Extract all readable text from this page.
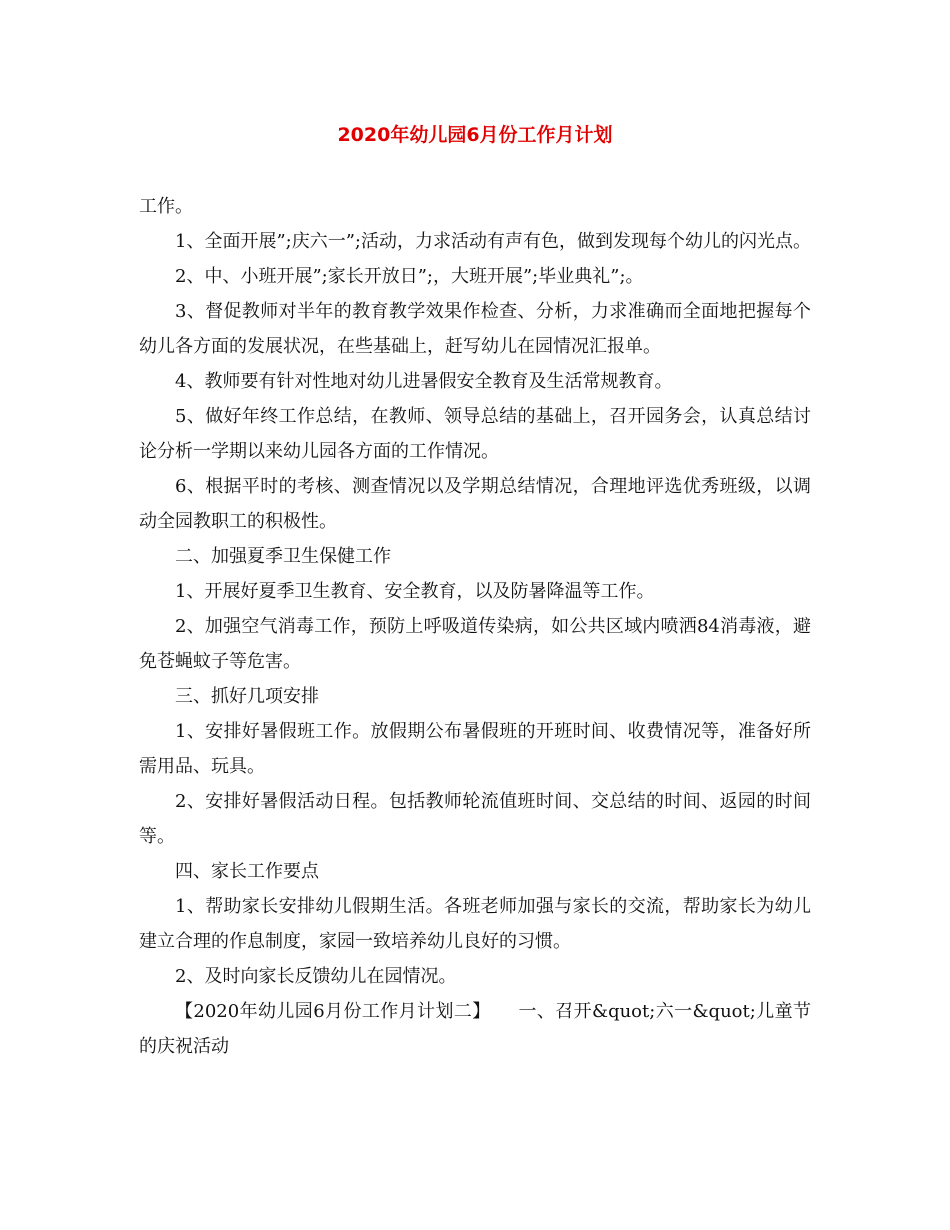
2020年幼儿园6月份工作月计划

工作。

1、全面开展”;庆六一”;活动，力求活动有声有色，做到发现每个幼儿的闪光点。

2、中、小班开展”;家长开放日”;，大班开展”;毕业典礼”;。

3、督促教师对半年的教育教学效果作检查、分析，力求准确而全面地把握每个幼儿各方面的发展状况，在些基础上，赶写幼儿在园情况汇报单。

4、教师要有针对性地对幼儿进暑假安全教育及生活常规教育。

5、做好年终工作总结，在教师、领导总结的基础上，召开园务会，认真总结讨论分析一学期以来幼儿园各方面的工作情况。

6、根据平时的考核、测查情况以及学期总结情况，合理地评选优秀班级，以调动全园教职工的积极性。

二、加强夏季卫生保健工作

1、开展好夏季卫生教育、安全教育，以及防暑降温等工作。

2、加强空气消毒工作，预防上呼吸道传染病，如公共区域内喷洒84消毒液，避免苍蝇蚊子等危害。

三、抓好几项安排

1、安排好暑假班工作。放假期公布暑假班的开班时间、收费情况等，准备好所需用品、玩具。

2、安排好暑假活动日程。包括教师轮流值班时间、交总结的时间、返园的时间等。

四、家长工作要点

1、帮助家长安排幼儿假期生活。各班老师加强与家长的交流，帮助家长为幼儿建立合理的作息制度，家园一致培养幼儿良好的习惯。

2、及时向家长反馈幼儿在园情况。

【2020年幼儿园6月份工作月计划二】　　一、召开&quot;六一&quot;儿童节的庆祝活动
